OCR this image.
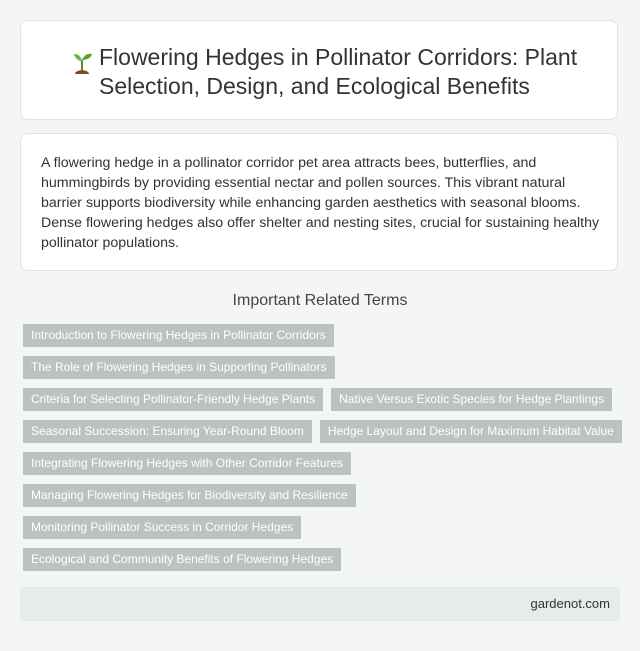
Flowering Hedges in Pollinator Corridors: Plant Selection, Design, and Ecological Benefits

A flowering hedge in a pollinator corridor pet area attracts bees, butterflies, and hummingbirds by providing essential nectar and pollen sources. This vibrant natural barrier supports biodiversity while enhancing garden aesthetics with seasonal blooms. Dense flowering hedges also offer shelter and nesting sites, crucial for sustaining healthy pollinator populations.

Important Related Terms
Introduction to Flowering Hedges in Pollinator Corridors
The Role of Flowering Hedges in Supporting Pollinators
Criteria for Selecting Pollinator-Friendly Hedge Plants	Native Versus Exotic Species for Hedge Plantings
Seasonal Succession: Ensuring Year-Round Bloom	Hedge Layout and Design for Maximum Habitat Value
Integrating Flowering Hedges with Other Corridor Features
Managing Flowering Hedges for Biodiversity and Resilience
Monitoring Pollinator Success in Corridor Hedges
Ecological and Community Benefits of Flowering Hedges
gardenot.com
